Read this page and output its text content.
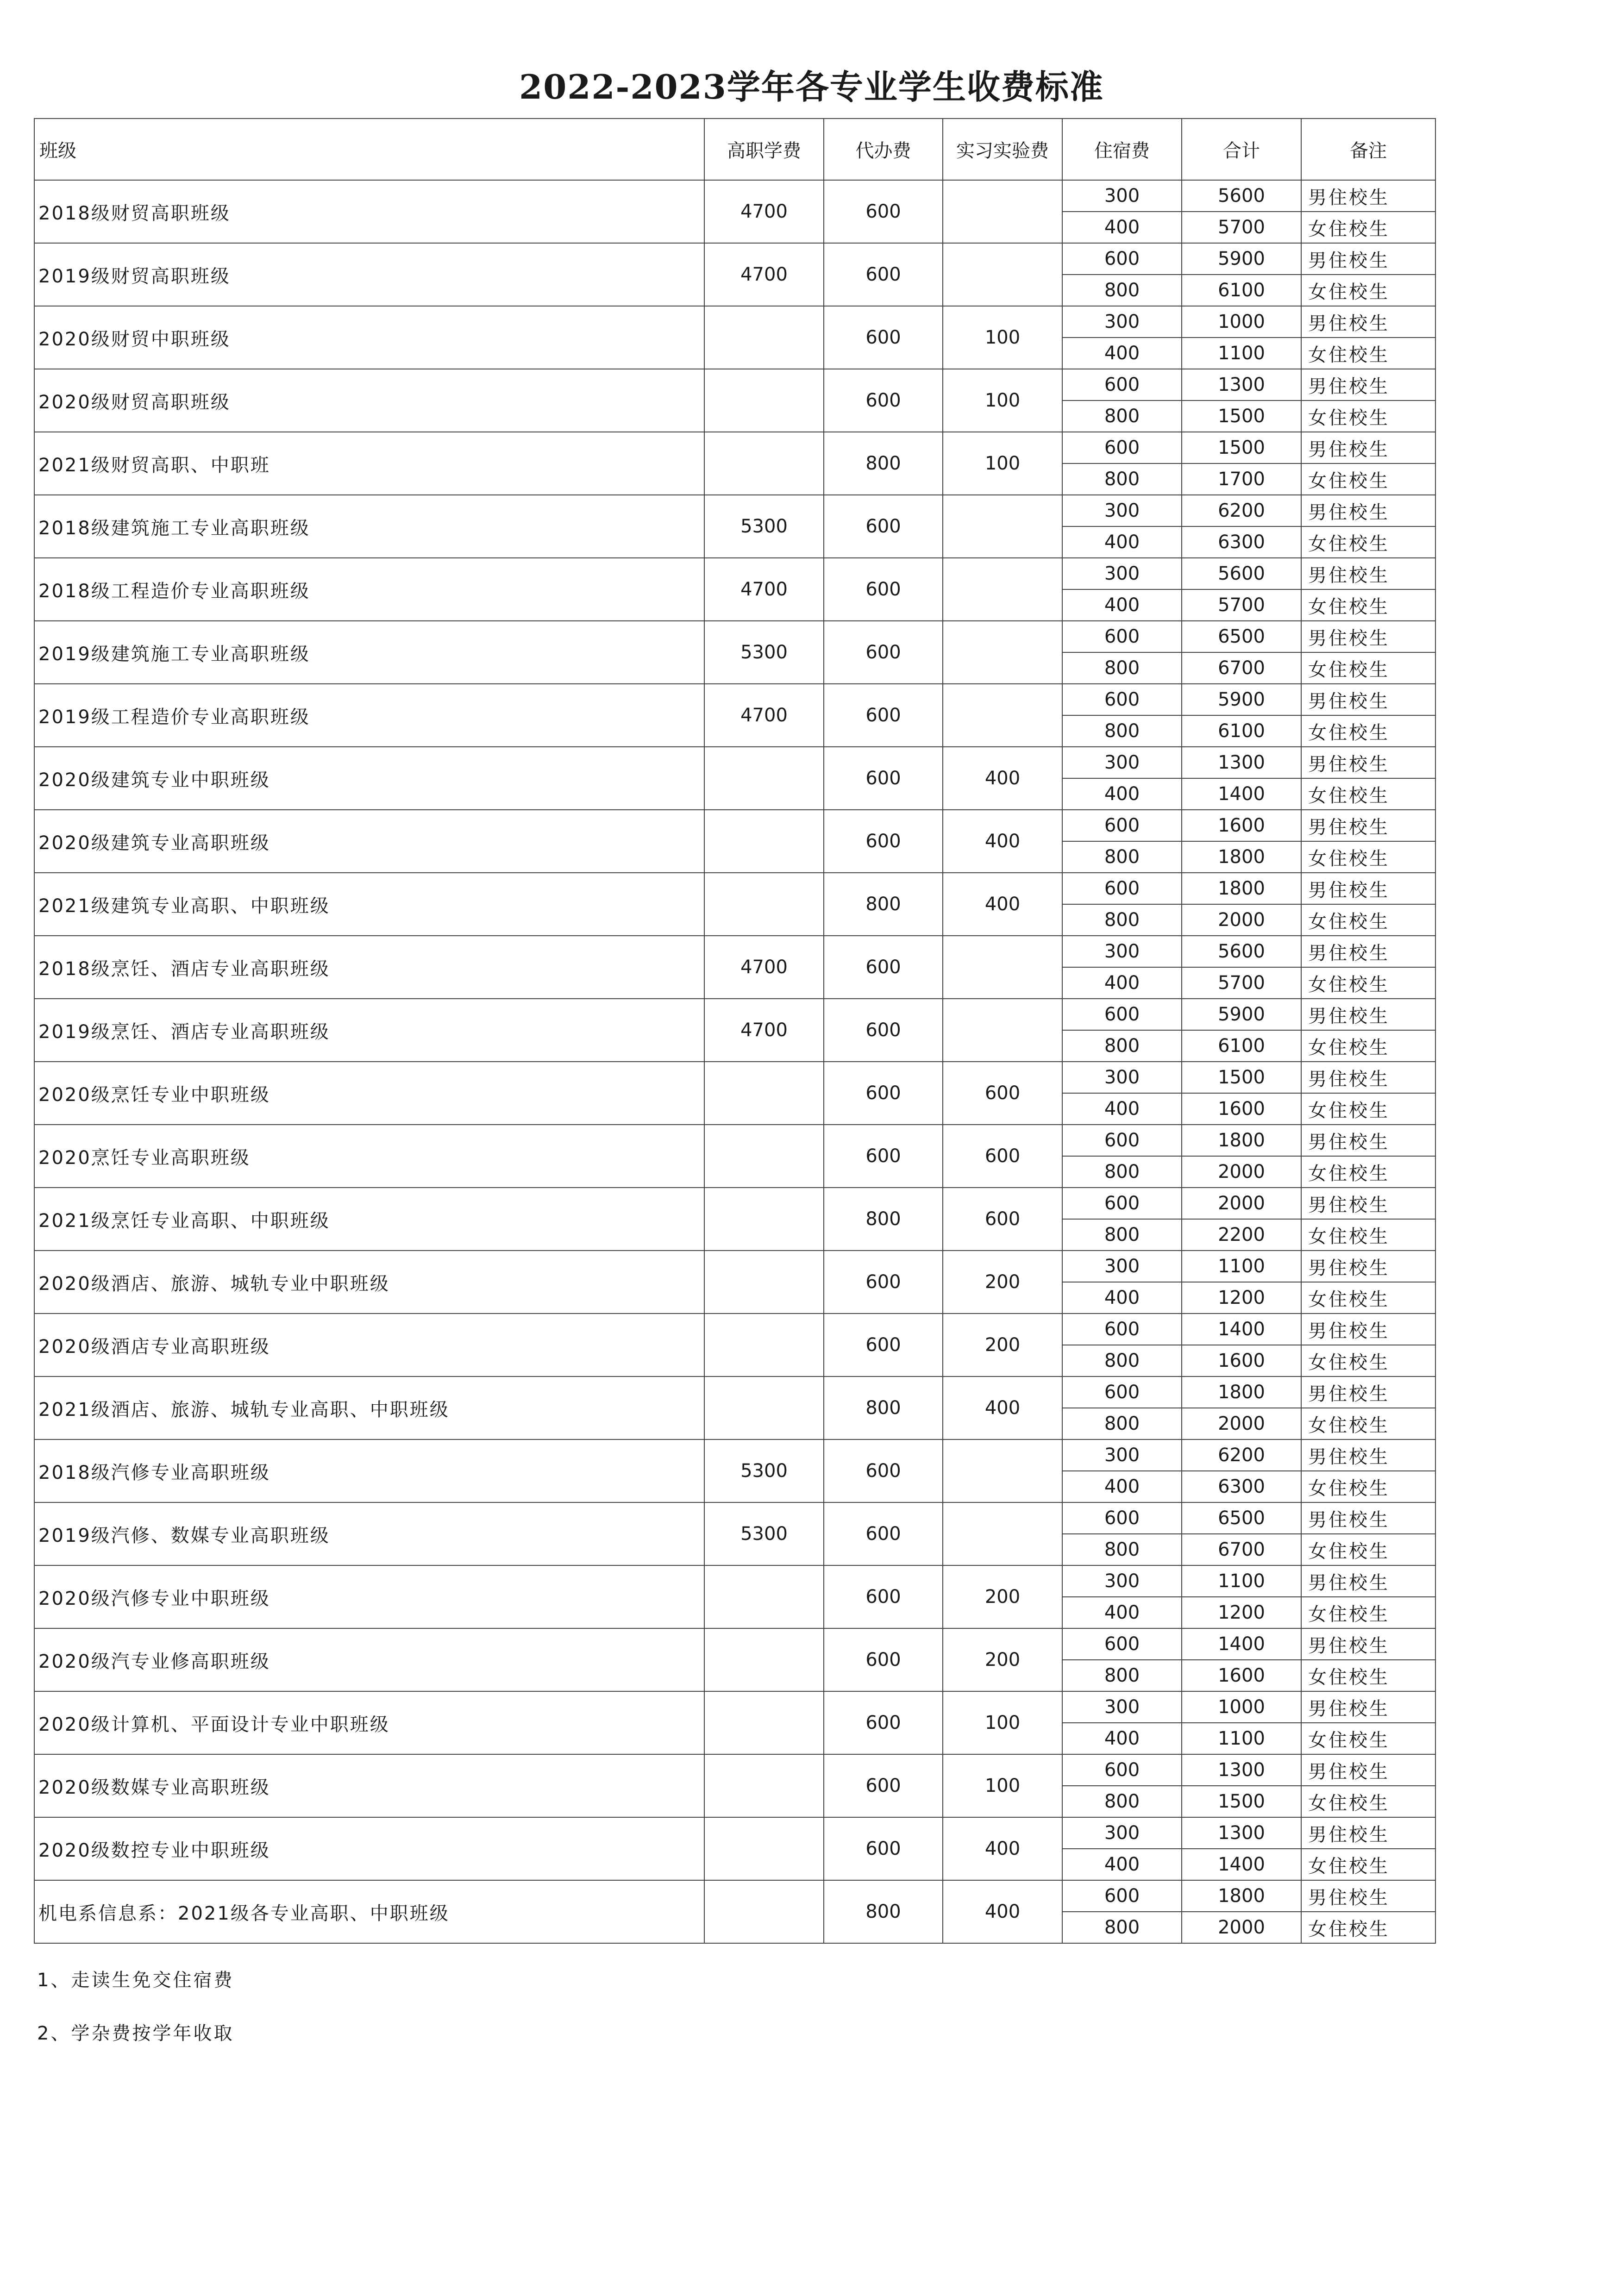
2022-2023学年各专业学生收费标准
班级	高职学费	代办费	实习实验费	住宿费	合计	备注
2018级财贸高职班级	4700	600		300	5600	男住校生
				400	5700	女住校生
2019级财贸高职班级	4700	600		600	5900	男住校生
				800	6100	女住校生
2020级财贸中职班级		600	100	300	1000	男住校生
				400	1100	女住校生
2020级财贸高职班级		600	100	600	1300	男住校生
				800	1500	女住校生
2021级财贸高职、中职班		800	100	600	1500	男住校生
				800	1700	女住校生
2018级建筑施工专业高职班级	5300	600		300	6200	男住校生
				400	6300	女住校生
2018级工程造价专业高职班级	4700	600		300	5600	男住校生
				400	5700	女住校生
2019级建筑施工专业高职班级	5300	600		600	6500	男住校生
				800	6700	女住校生
2019级工程造价专业高职班级	4700	600		600	5900	男住校生
				800	6100	女住校生
2020级建筑专业中职班级		600	400	300	1300	男住校生
				400	1400	女住校生
2020级建筑专业高职班级		600	400	600	1600	男住校生
				800	1800	女住校生
2021级建筑专业高职、中职班级		800	400	600	1800	男住校生
				800	2000	女住校生
2018级烹饪、酒店专业高职班级	4700	600		300	5600	男住校生
				400	5700	女住校生
2019级烹饪、酒店专业高职班级	4700	600		600	5900	男住校生
				800	6100	女住校生
2020级烹饪专业中职班级		600	600	300	1500	男住校生
				400	1600	女住校生
2020烹饪专业高职班级		600	600	600	1800	男住校生
				800	2000	女住校生
2021级烹饪专业高职、中职班级		800	600	600	2000	男住校生
				800	2200	女住校生
2020级酒店、旅游、城轨专业中职班级		600	200	300	1100	男住校生
				400	1200	女住校生
2020级酒店专业高职班级		600	200	600	1400	男住校生
				800	1600	女住校生
2021级酒店、旅游、城轨专业高职、中职班级		800	400	600	1800	男住校生
				800	2000	女住校生
2018级汽修专业高职班级	5300	600		300	6200	男住校生
				400	6300	女住校生
2019级汽修、数媒专业高职班级	5300	600		600	6500	男住校生
				800	6700	女住校生
2020级汽修专业中职班级		600	200	300	1100	男住校生
				400	1200	女住校生
2020级汽专业修高职班级		600	200	600	1400	男住校生
				800	1600	女住校生
2020级计算机、平面设计专业中职班级		600	100	300	1000	男住校生
				400	1100	女住校生
2020级数媒专业高职班级		600	100	600	1300	男住校生
				800	1500	女住校生
2020级数控专业中职班级		600	400	300	1300	男住校生
				400	1400	女住校生
机电系信息系：2021级各专业高职、中职班级		800	400	600	1800	男住校生
				800	2000	女住校生
1、走读生免交住宿费
2、学杂费按学年收取
